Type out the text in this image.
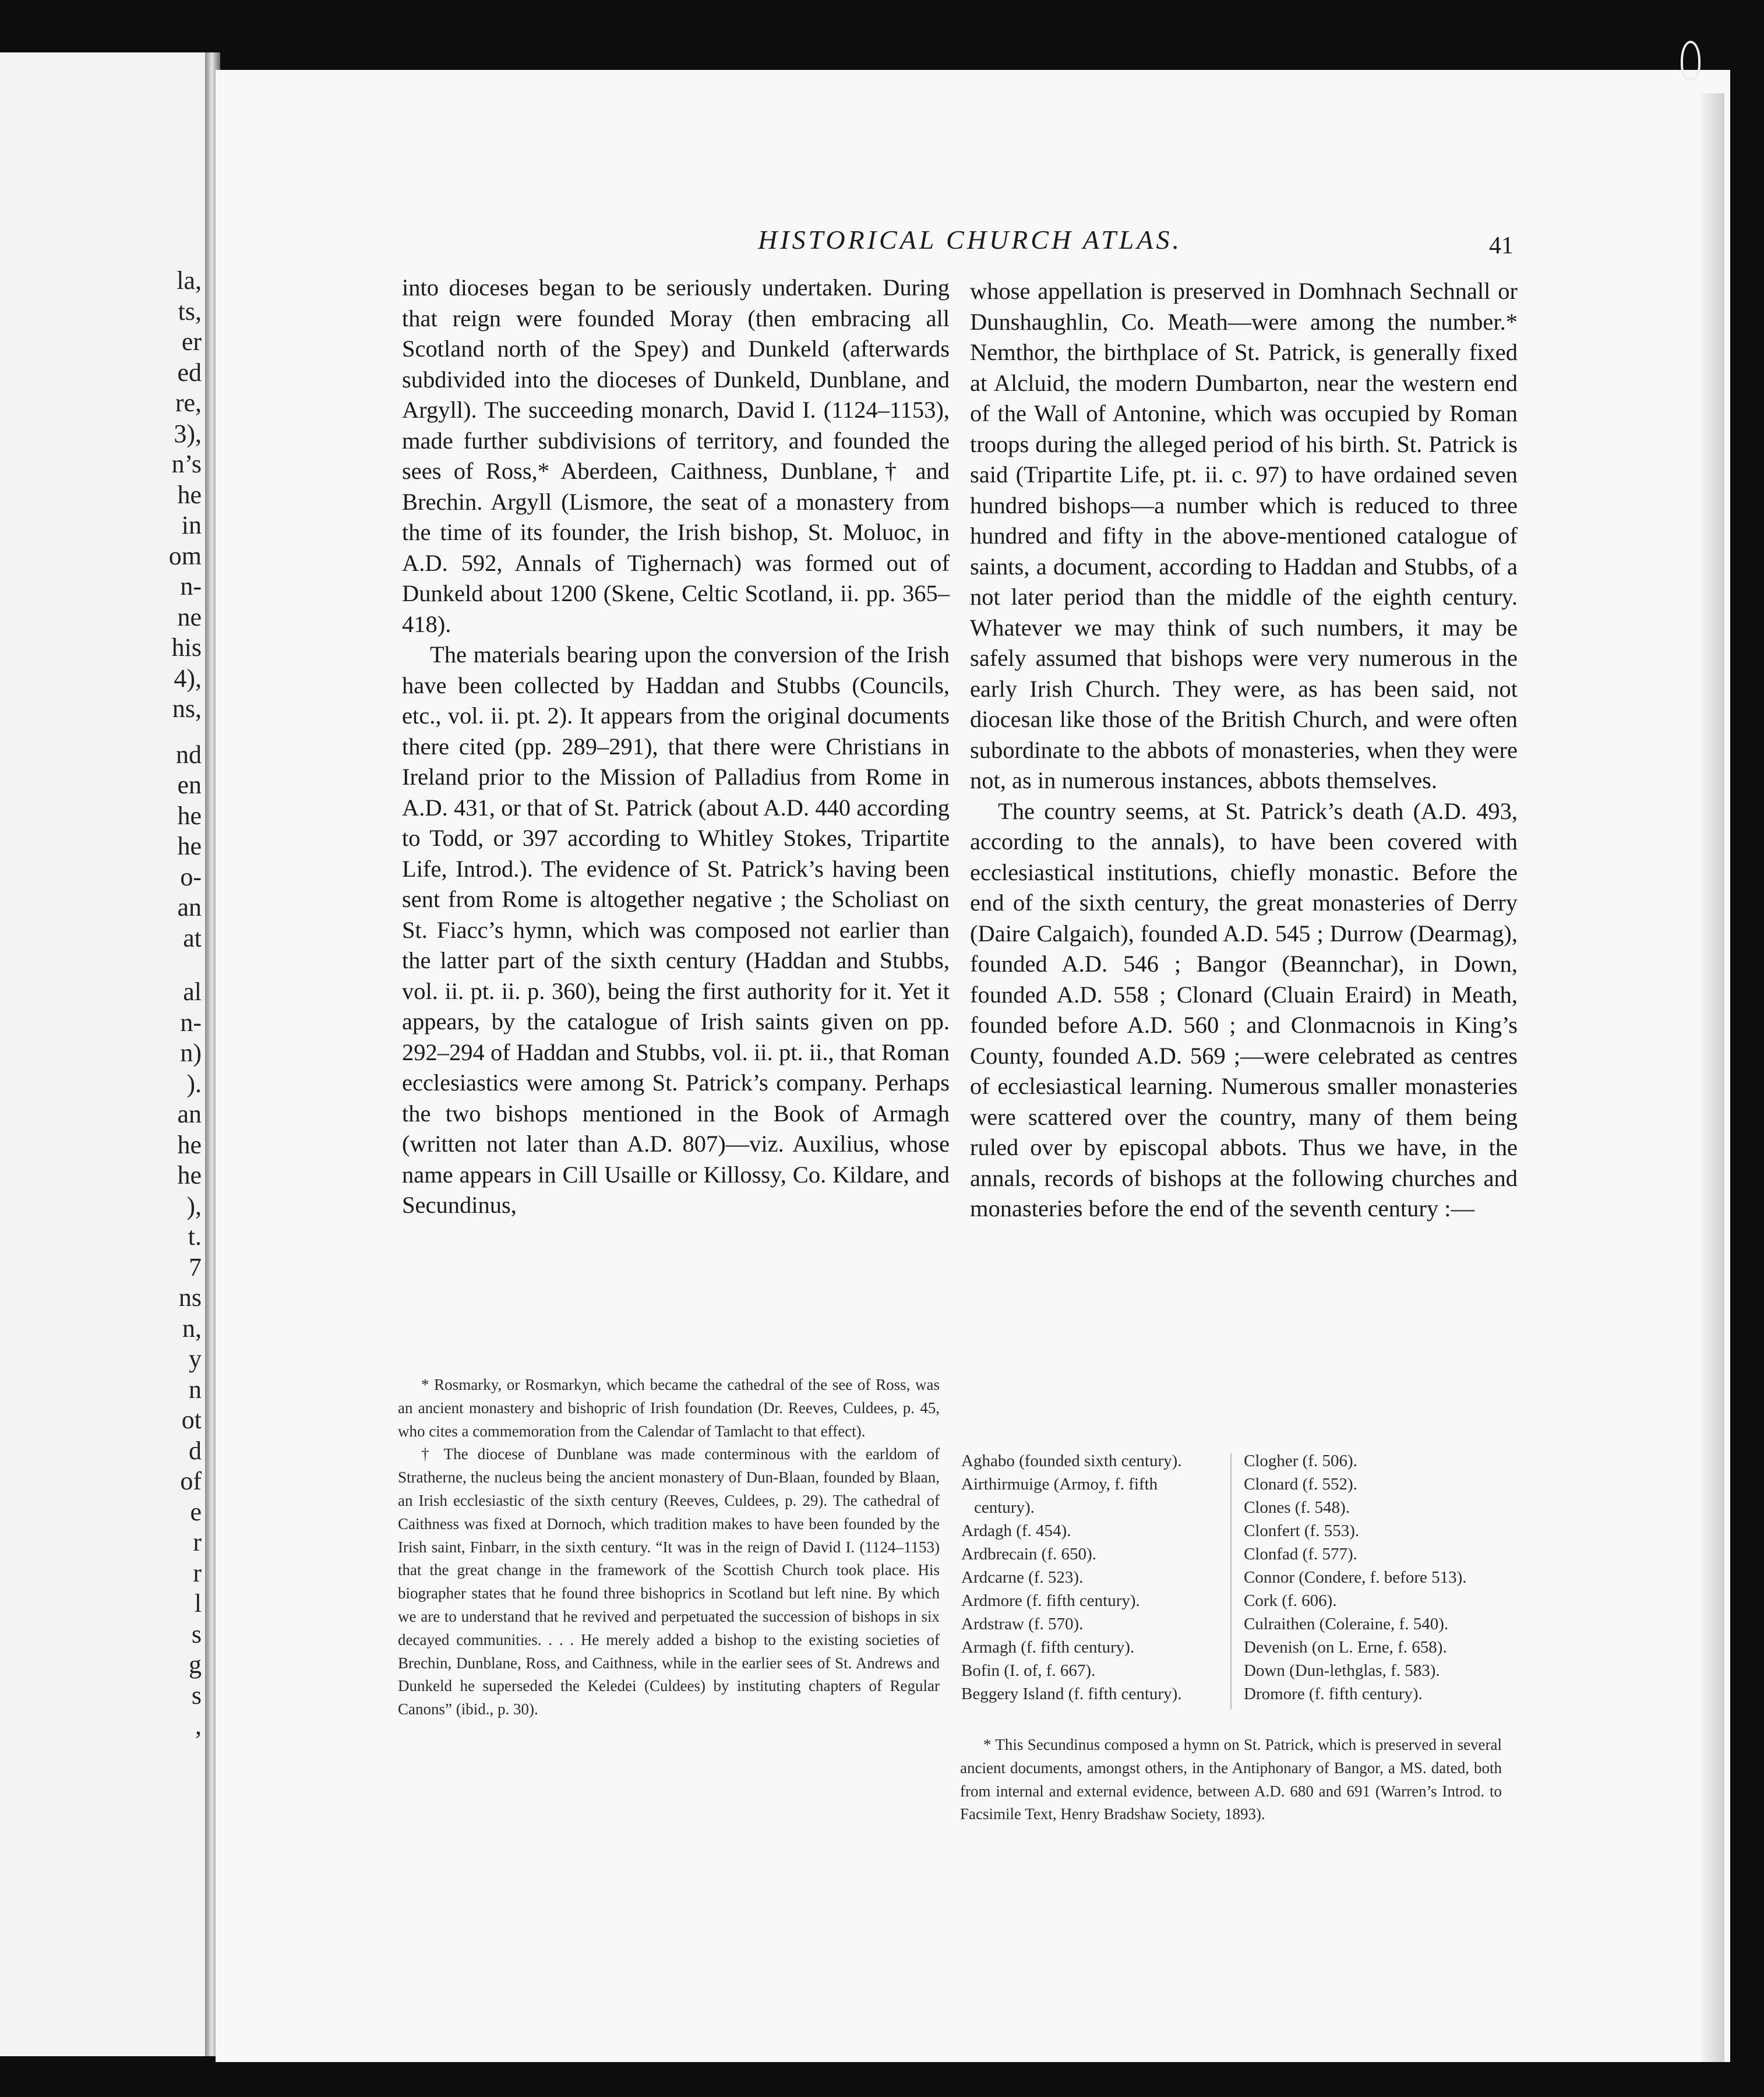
la,
ts,
er
ed
re,
3),
n’s
he
in
om
n-
ne
his
4),
ns,
nd
en
he
he
o-
an
at
al
n-
n)
).
an
he
he
),
t.
7
ns
n,
y
n
ot
d
of
e
r
r
l
s
g
s
,
HISTORICAL CHURCH ATLAS.	41

into dioceses began to be seriously undertaken. During that reign were founded Moray (then embracing all Scotland north of the Spey) and Dunkeld (afterwards subdivided into the dioceses of Dunkeld, Dunblane, and Argyll). The succeeding monarch, David I. (1124–1153), made further subdivisions of territory, and founded the sees of Ross,* Aberdeen, Caithness, Dunblane,† and Brechin. Argyll (Lismore, the seat of a monastery from the time of its founder, the Irish bishop, St. Moluoc, in A.D. 592, Annals of Tighernach) was formed out of Dunkeld about 1200 (Skene, Celtic Scotland, ii. pp. 365–418).

The materials bearing upon the conversion of the Irish have been collected by Haddan and Stubbs (Councils, etc., vol. ii. pt. 2). It appears from the original documents there cited (pp. 289–291), that there were Christians in Ireland prior to the Mission of Palladius from Rome in A.D. 431, or that of St. Patrick (about A.D. 440 according to Todd, or 397 according to Whitley Stokes, Tripartite Life, Introd.). The evidence of St. Patrick’s having been sent from Rome is altogether negative ; the Scholiast on St. Fiacc’s hymn, which was composed not earlier than the latter part of the sixth century (Haddan and Stubbs, vol. ii. pt. ii. p. 360), being the first authority for it. Yet it appears, by the catalogue of Irish saints given on pp. 292–294 of Haddan and Stubbs, vol. ii. pt. ii., that Roman ecclesiastics were among St. Patrick’s company. Perhaps the two bishops mentioned in the Book of Armagh (written not later than A.D. 807)—viz. Auxilius, whose name appears in Cill Usaille or Killossy, Co. Kildare, and Secundinus,

whose appellation is preserved in Domhnach Sechnall or Dunshaughlin, Co. Meath—were among the number.* Nemthor, the birthplace of St. Patrick, is generally fixed at Alcluid, the modern Dumbarton, near the western end of the Wall of Antonine, which was occupied by Roman troops during the alleged period of his birth. St. Patrick is said (Tripartite Life, pt. ii. c. 97) to have ordained seven hundred bishops—a number which is reduced to three hundred and fifty in the above-mentioned catalogue of saints, a document, according to Haddan and Stubbs, of a not later period than the middle of the eighth century. Whatever we may think of such numbers, it may be safely assumed that bishops were very numerous in the early Irish Church. They were, as has been said, not diocesan like those of the British Church, and were often subordinate to the abbots of monasteries, when they were not, as in numerous instances, abbots themselves.

The country seems, at St. Patrick’s death (A.D. 493, according to the annals), to have been covered with ecclesiastical institutions, chiefly monastic. Before the end of the sixth century, the great monasteries of Derry (Daire Calgaich), founded A.D. 545 ; Durrow (Dearmag), founded A.D. 546 ; Bangor (Beannchar), in Down, founded A.D. 558 ; Clonard (Cluain Eraird) in Meath, founded before A.D. 560 ; and Clonmacnois in King’s County, founded A.D. 569 ;—were celebrated as centres of ecclesiastical learning. Numerous smaller monasteries were scattered over the country, many of them being ruled over by episcopal abbots. Thus we have, in the annals, records of bishops at the following churches and monasteries before the end of the seventh century :—

Aghabo (founded sixth century).
Airthirmuige (Armoy, f. fifth
century).
Ardagh (f. 454).
Ardbrecain (f. 650).
Ardcarne (f. 523).
Ardmore (f. fifth century).
Ardstraw (f. 570).
Armagh (f. fifth century).
Bofin (I. of, f. 667).
Beggery Island (f. fifth century).
Clogher (f. 506).
Clonard (f. 552).
Clones (f. 548).
Clonfert (f. 553).
Clonfad (f. 577).
Connor (Condere, f. before 513).
Cork (f. 606).
Culraithen (Coleraine, f. 540).
Devenish (on L. Erne, f. 658).
Down (Dun-lethglas, f. 583).
Dromore (f. fifth century).

* Rosmarky, or Rosmarkyn, which became the cathedral of the see of Ross, was an ancient monastery and bishopric of Irish foundation (Dr. Reeves, Culdees, p. 45, who cites a commemoration from the Calendar of Tamlacht to that effect).

† The diocese of Dunblane was made conterminous with the earldom of Stratherne, the nucleus being the ancient monastery of Dun-Blaan, founded by Blaan, an Irish ecclesiastic of the sixth century (Reeves, Culdees, p. 29). The cathedral of Caithness was fixed at Dornoch, which tradition makes to have been founded by the Irish saint, Finbarr, in the sixth century. “It was in the reign of David I. (1124–1153) that the great change in the framework of the Scottish Church took place. His biographer states that he found three bishoprics in Scotland but left nine. By which we are to understand that he revived and perpetuated the succession of bishops in six decayed communities. . . . He merely added a bishop to the existing societies of Brechin, Dunblane, Ross, and Caithness, while in the earlier sees of St. Andrews and Dunkeld he superseded the Keledei (Culdees) by instituting chapters of Regular Canons” (ibid., p. 30).

* This Secundinus composed a hymn on St. Patrick, which is preserved in several ancient documents, amongst others, in the Antiphonary of Bangor, a MS. dated, both from internal and external evidence, between A.D. 680 and 691 (Warren’s Introd. to Facsimile Text, Henry Bradshaw Society, 1893).
